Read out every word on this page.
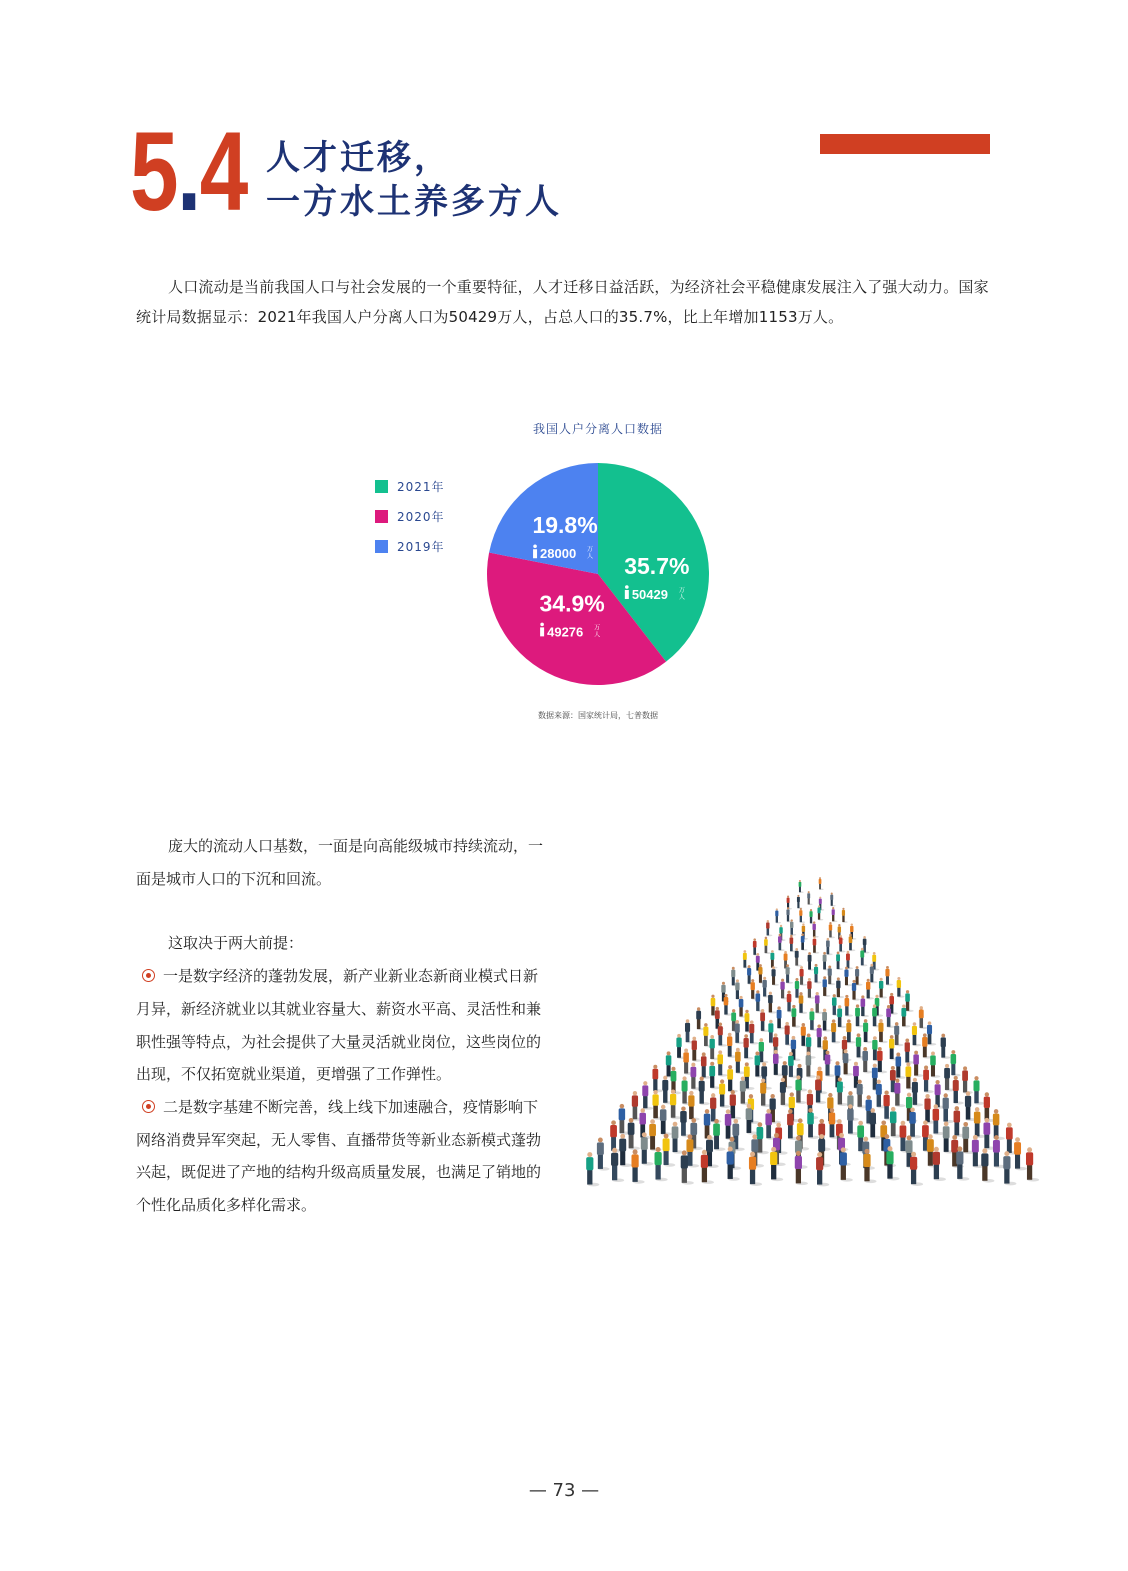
5.4 人才迁移，
一方水土养多方人

人口流动是当前我国人口与社会发展的一个重要特征，人才迁移日益活跃，为经济社会平稳健康发展注入了强大动力。国家统计局数据显示：2021年我国人户分离人口为50429万人，占总人口的35.7%，比上年增加1153万人。

我国人户分离人口数据
2021年
2020年
2019年
35.7%
50429 万
人
34.9%
49276 万
人
19.8%
28000 万
人
数据来源：国家统计局，七普数据

庞大的流动人口基数，一面是向高能级城市持续流动，一面是城市人口的下沉和回流。

这取决于两大前提：

一是数字经济的蓬勃发展，新产业新业态新商业模式日新月异，新经济就业以其就业容量大、薪资水平高、灵活性和兼职性强等特点，为社会提供了大量灵活就业岗位，这些岗位的出现，不仅拓宽就业渠道，更增强了工作弹性。

二是数字基建不断完善，线上线下加速融合，疫情影响下网络消费异军突起，无人零售、直播带货等新业态新模式蓬勃兴起，既促进了产地的结构升级高质量发展，也满足了销地的个性化品质化多样化需求。

— 73 —
